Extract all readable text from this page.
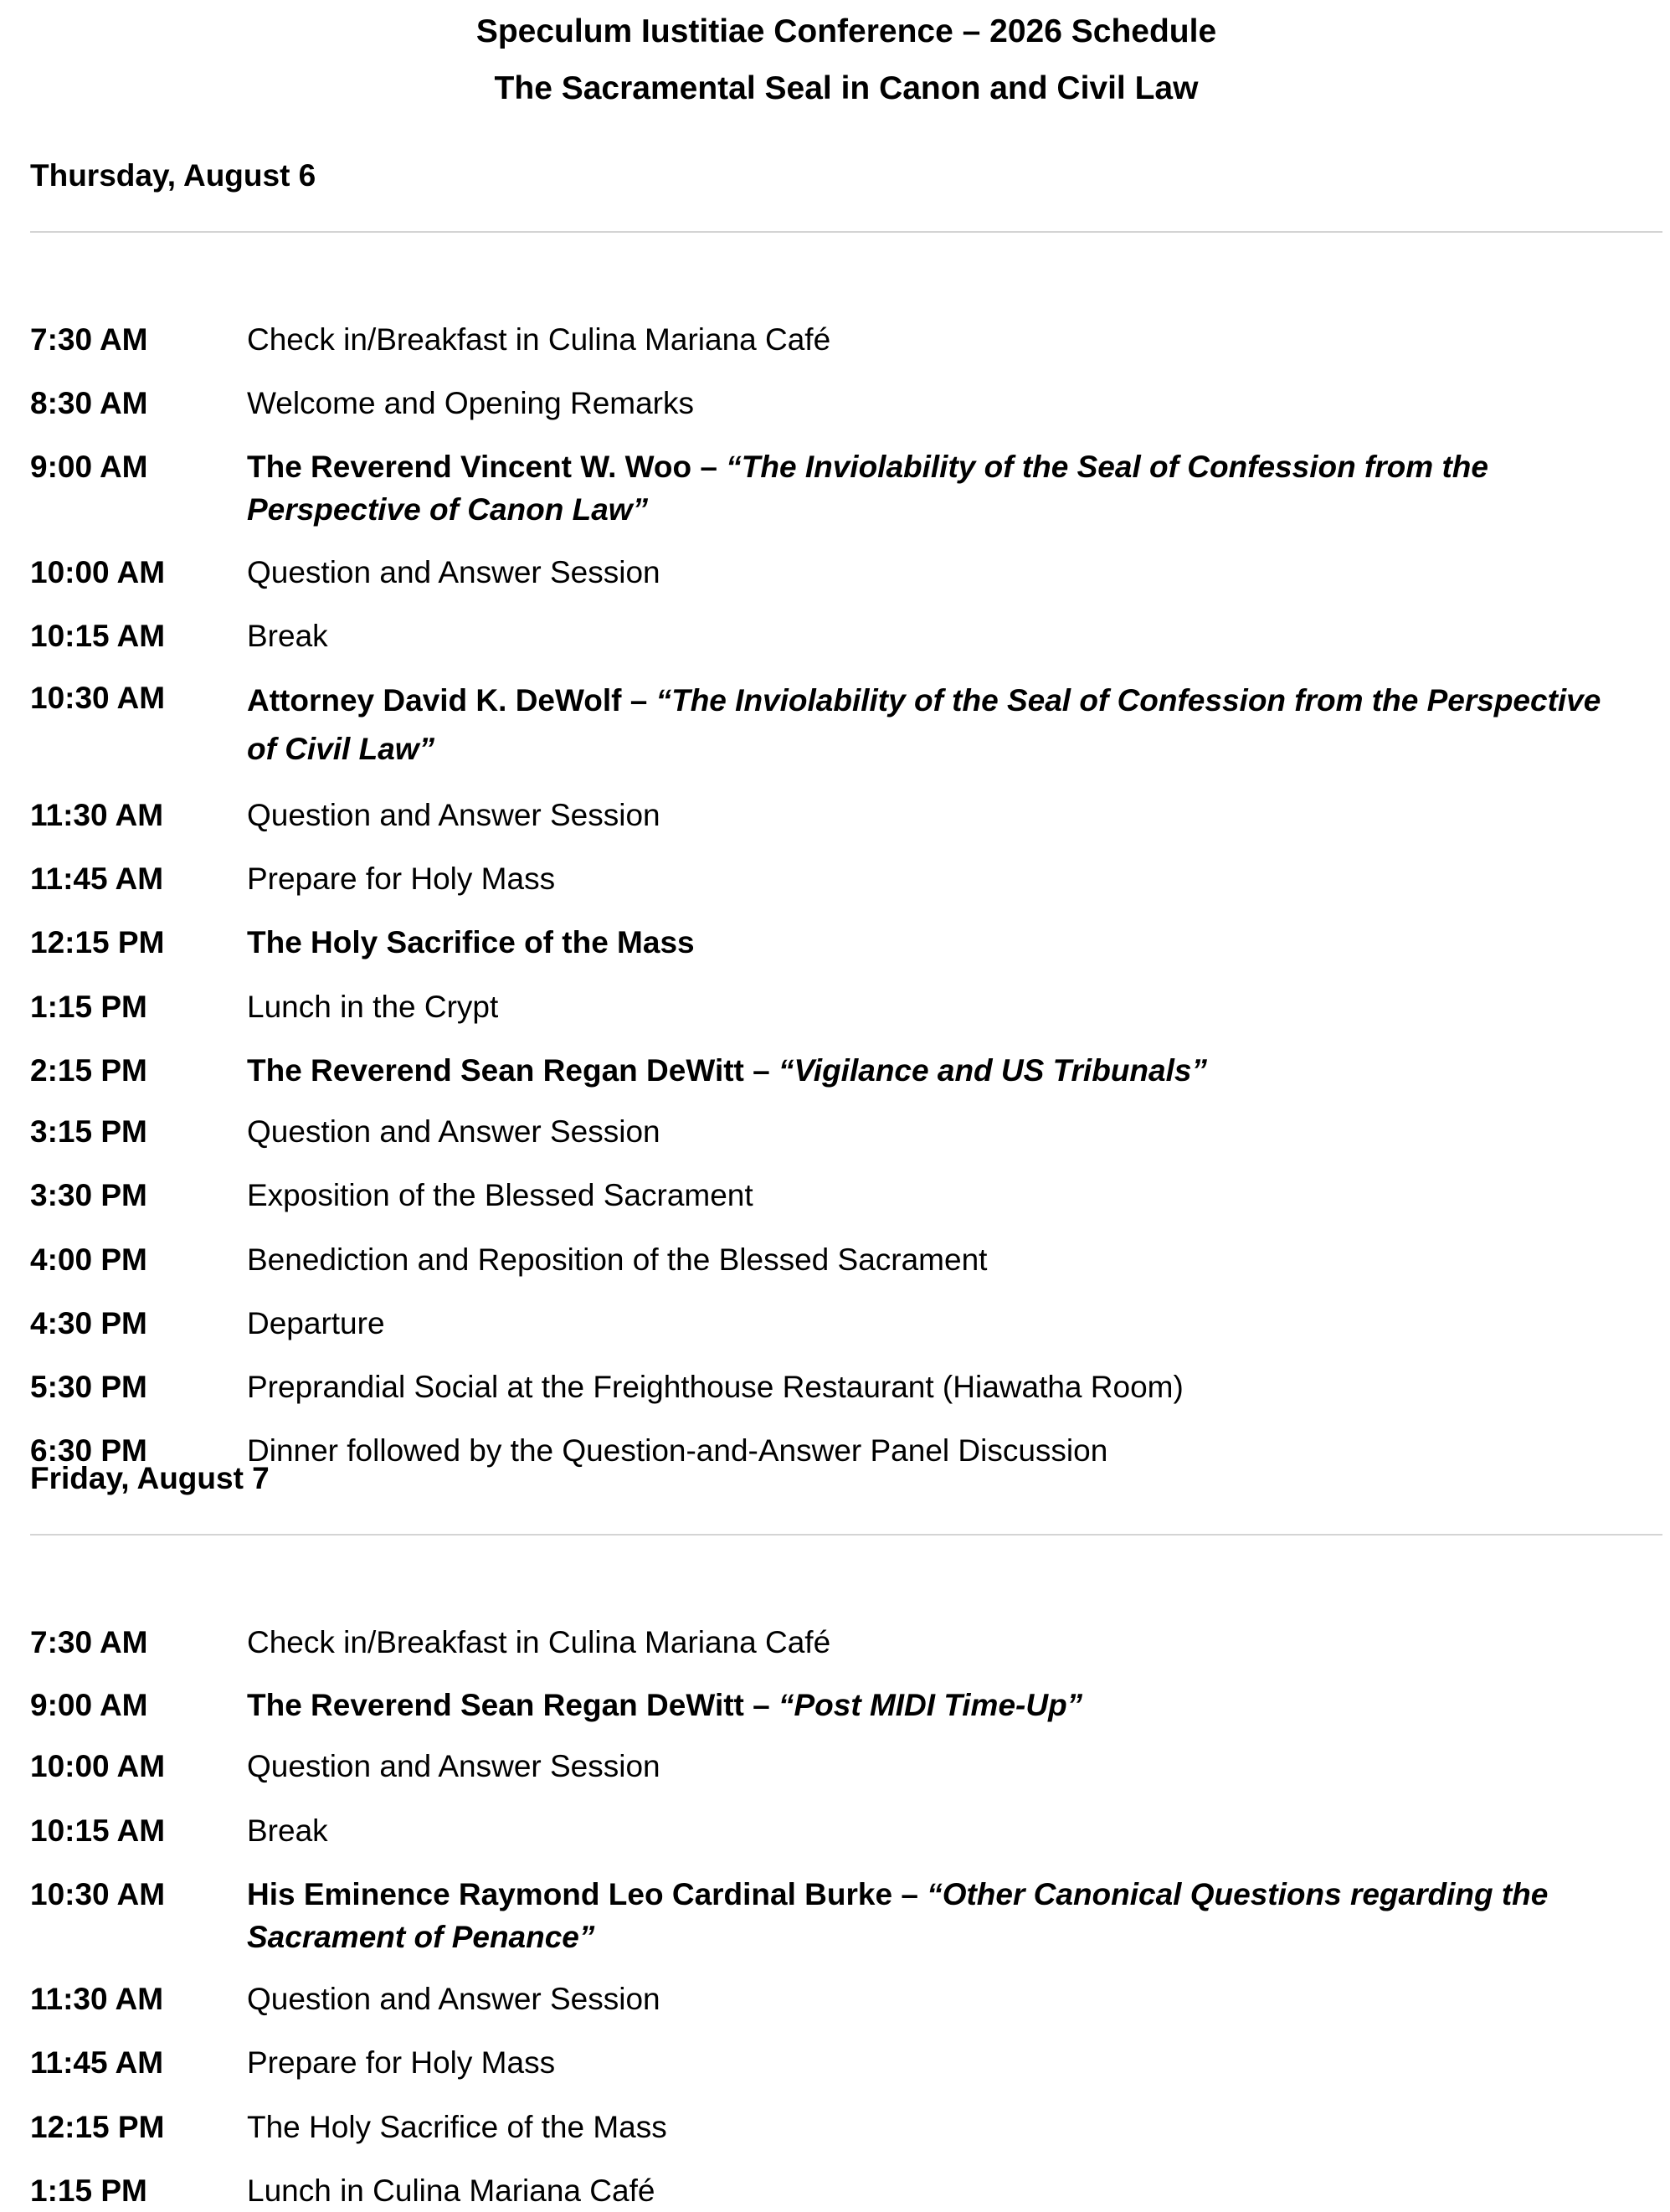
Speculum Iustitiae Conference – 2026 Schedule
The Sacramental Seal in Canon and Civil Law
Thursday, August 6
7:30 AM	Check in/Breakfast in Culina Mariana Café
8:30 AM	Welcome and Opening Remarks
9:00 AM	The Reverend Vincent W. Woo – “The Inviolability of the Seal of Confession from the Perspective of Canon Law”
10:00 AM	Question and Answer Session
10:15 AM	Break
10:30 AM	Attorney David K. DeWolf – “The Inviolability of the Seal of Confession from the Perspective of Civil Law”
11:30 AM	Question and Answer Session
11:45 AM	Prepare for Holy Mass
12:15 PM	The Holy Sacrifice of the Mass
1:15 PM	Lunch in the Crypt
2:15 PM	The Reverend Sean Regan DeWitt – “Vigilance and US Tribunals”
3:15 PM	Question and Answer Session
3:30 PM	Exposition of the Blessed Sacrament
4:00 PM	Benediction and Reposition of the Blessed Sacrament
4:30 PM	Departure
5:30 PM	Preprandial Social at the Freighthouse Restaurant (Hiawatha Room)
6:30 PM	Dinner followed by the Question-and-Answer Panel Discussion
Friday, August 7
7:30 AM	Check in/Breakfast in Culina Mariana Café
9:00 AM	The Reverend Sean Regan DeWitt – “Post MIDI Time-Up”
10:00 AM	Question and Answer Session
10:15 AM	Break
10:30 AM	His Eminence Raymond Leo Cardinal Burke – “Other Canonical Questions regarding the Sacrament of Penance”
11:30 AM	Question and Answer Session
11:45 AM	Prepare for Holy Mass
12:15 PM	The Holy Sacrifice of the Mass
1:15 PM	Lunch in Culina Mariana Café
